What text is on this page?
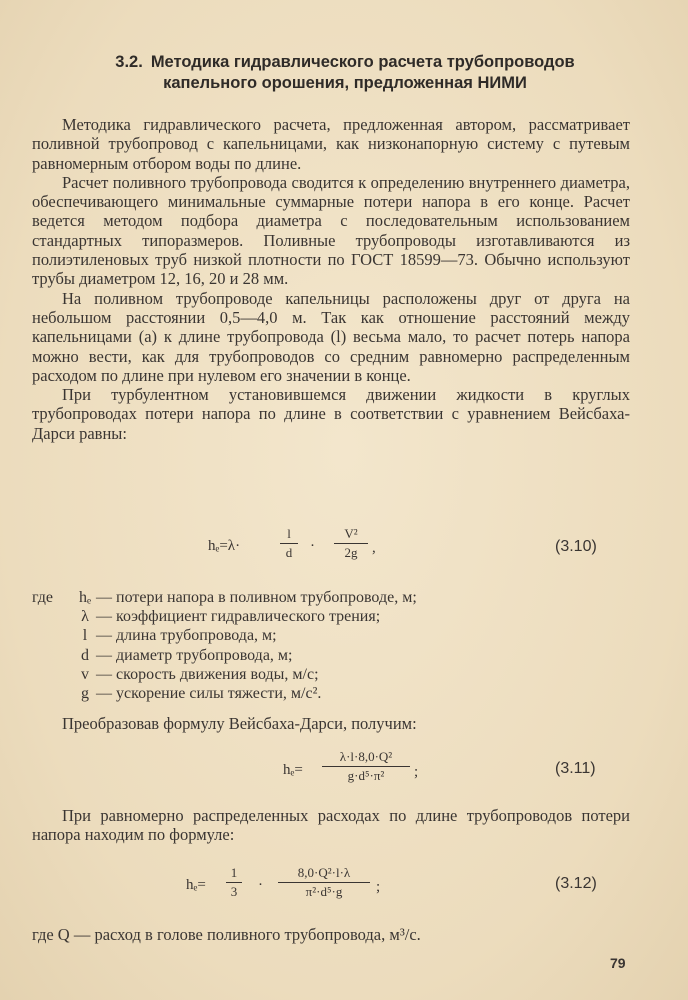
3.2. Методика гидравлического расчета трубопроводов
капельного орошения, предложенная НИМИ

Методика гидравлического расчета, предложенная автором, рассматривает поливной трубопровод с капельницами, как низконапорную систему с путевым равномерным отбором воды по длине.

Расчет поливного трубопровода сводится к определению внутреннего диаметра, обеспечивающего минимальные суммарные потери напора в его конце. Расчет ведется методом подбора диаметра с последовательным использованием стандартных типоразмеров. Поливные трубопроводы изготавливаются из полиэтиленовых труб низкой плотности по ГОСТ 18599—73. Обычно используют трубы диаметром 12, 16, 20 и 28 мм.

На поливном трубопроводе капельницы расположены друг от друга на небольшом расстоянии 0,5—4,0 м. Так как отношение расстояний между капельницами (а) к длине трубопровода (l) весьма мало, то расчет потерь напора можно вести, как для трубопроводов со средним равномерно распределенным расходом по длине при нулевом его значении в конце.

При турбулентном установившемся движении жидкости в круглых трубопроводах потери напора по длине в соответствии с уравнением Вейсбаха-Дарси равны:

hₑ=λ·	$\frac{l}{d} \cdot \frac{\text{V²}}{2g}$ ,	(3.10)
где hₑ — потери напора в поливном трубопроводе, м;
λ — коэффициент гидравлического трения;
l — длина трубопровода, м;
d — диаметр трубопровода, м;
v — скорость движения воды, м/с;
g — ускорение силы тяжести, м/с².

Преобразовав формулу Вейсбаха-Дарси, получим:

$h_e= \frac{\text{λ·l·8,0·Q²}}{\text{g·d⁵·π²}}$ ;	(3.11)

При равномерно распределенных расходах по длине трубопроводов потери напора находим по формуле:

$h_e= \frac{1}{3} \cdot \frac{\text{8,0·Q²·l·λ}}{\text{π²·d⁵·g}}$ ;	(3.12)
где Q — расход в голове поливного трубопровода, м³/с.
79
